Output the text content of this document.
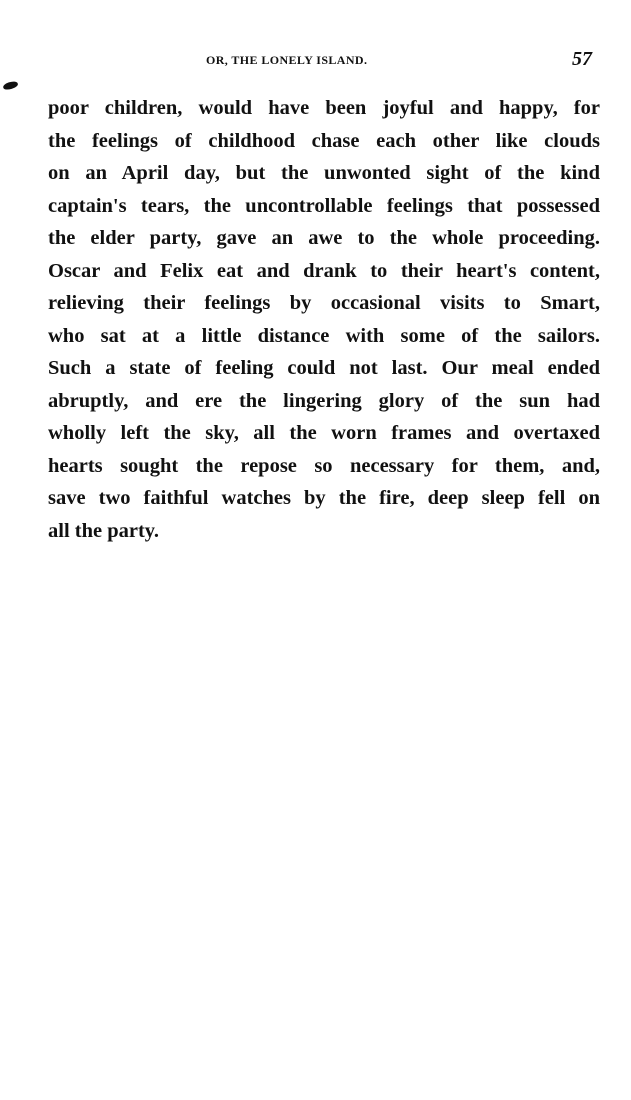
OR, THE LONELY ISLAND.	57
poor children, would have been joyful and happy, for
the feelings of childhood chase each other like clouds
on an April day, but the unwonted sight of the kind
captain's tears, the uncontrollable feelings that possessed
the elder party, gave an awe to the whole proceeding.
Oscar and Felix eat and drank to their heart's content,
relieving their feelings by occasional visits to Smart,
who sat at a little distance with some of the sailors.
Such a state of feeling could not last. Our meal ended
abruptly, and ere the lingering glory of the sun had
wholly left the sky, all the worn frames and overtaxed
hearts sought the repose so necessary for them, and,
save two faithful watches by the fire, deep sleep fell on
all the party.
